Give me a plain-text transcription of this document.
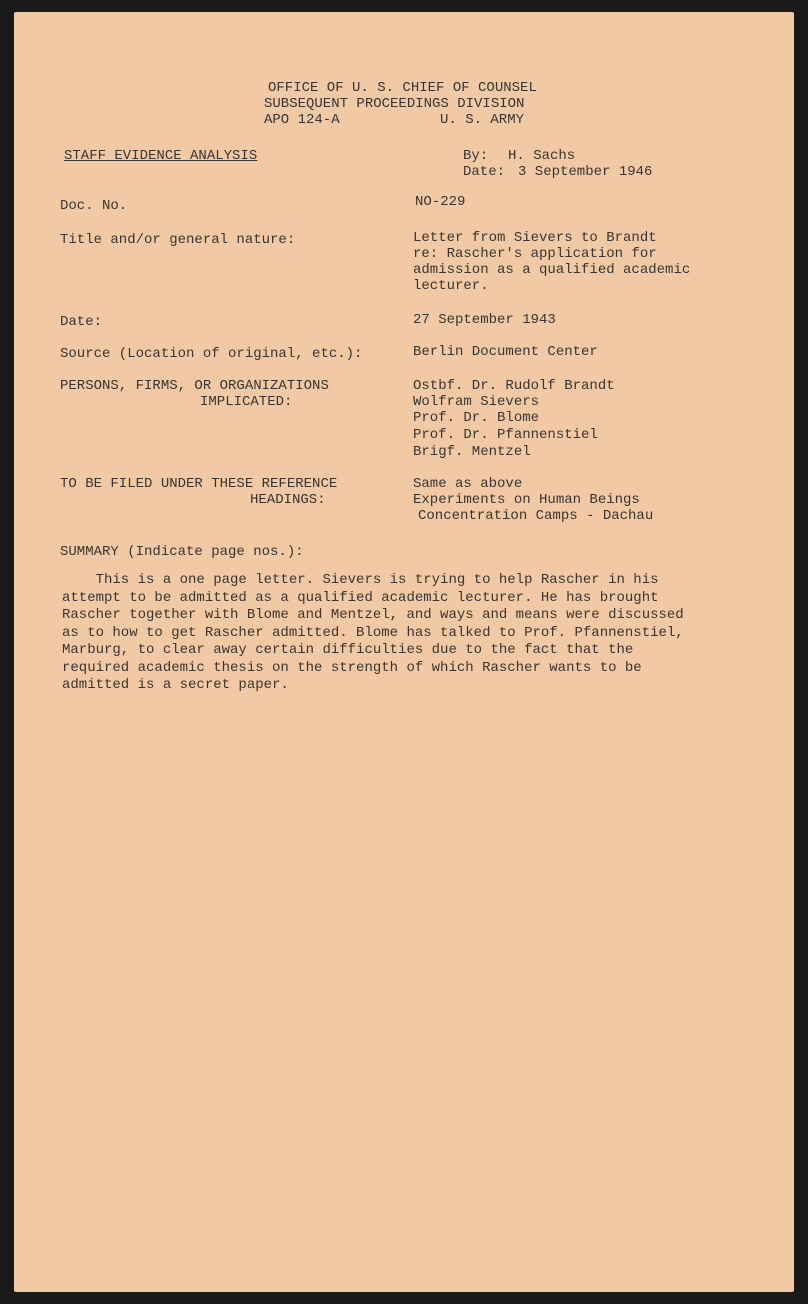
OFFICE OF U. S. CHIEF OF COUNSEL
SUBSEQUENT PROCEEDINGS DIVISION
APO 124-A	U. S. ARMY
STAFF EVIDENCE ANALYSIS	By: H. Sachs
Date: 3 September 1946
Doc. No.	NO-229
Title and/or general nature:	Letter from Sievers to Brandt
re: Rascher's application for
admission as a qualified academic
lecturer.
Date:	27 September 1943
Source (Location of original, etc.):	Berlin Document Center
PERSONS, FIRMS, OR ORGANIZATIONS
IMPLICATED:
Ostbf. Dr. Rudolf Brandt
Wolfram Sievers
Prof. Dr. Blome
Prof. Dr. Pfannenstiel
Brigf. Mentzel
TO BE FILED UNDER THESE REFERENCE
HEADINGS:
Same as above
Experiments on Human Beings
Concentration Camps - Dachau
SUMMARY (Indicate page nos.):
This is a one page letter. Sievers is trying to help Rascher in his
attempt to be admitted as a qualified academic lecturer. He has brought
Rascher together with Blome and Mentzel, and ways and means were discussed
as to how to get Rascher admitted. Blome has talked to Prof. Pfannenstiel,
Marburg, to clear away certain difficulties due to the fact that the
required academic thesis on the strength of which Rascher wants to be
admitted is a secret paper.
